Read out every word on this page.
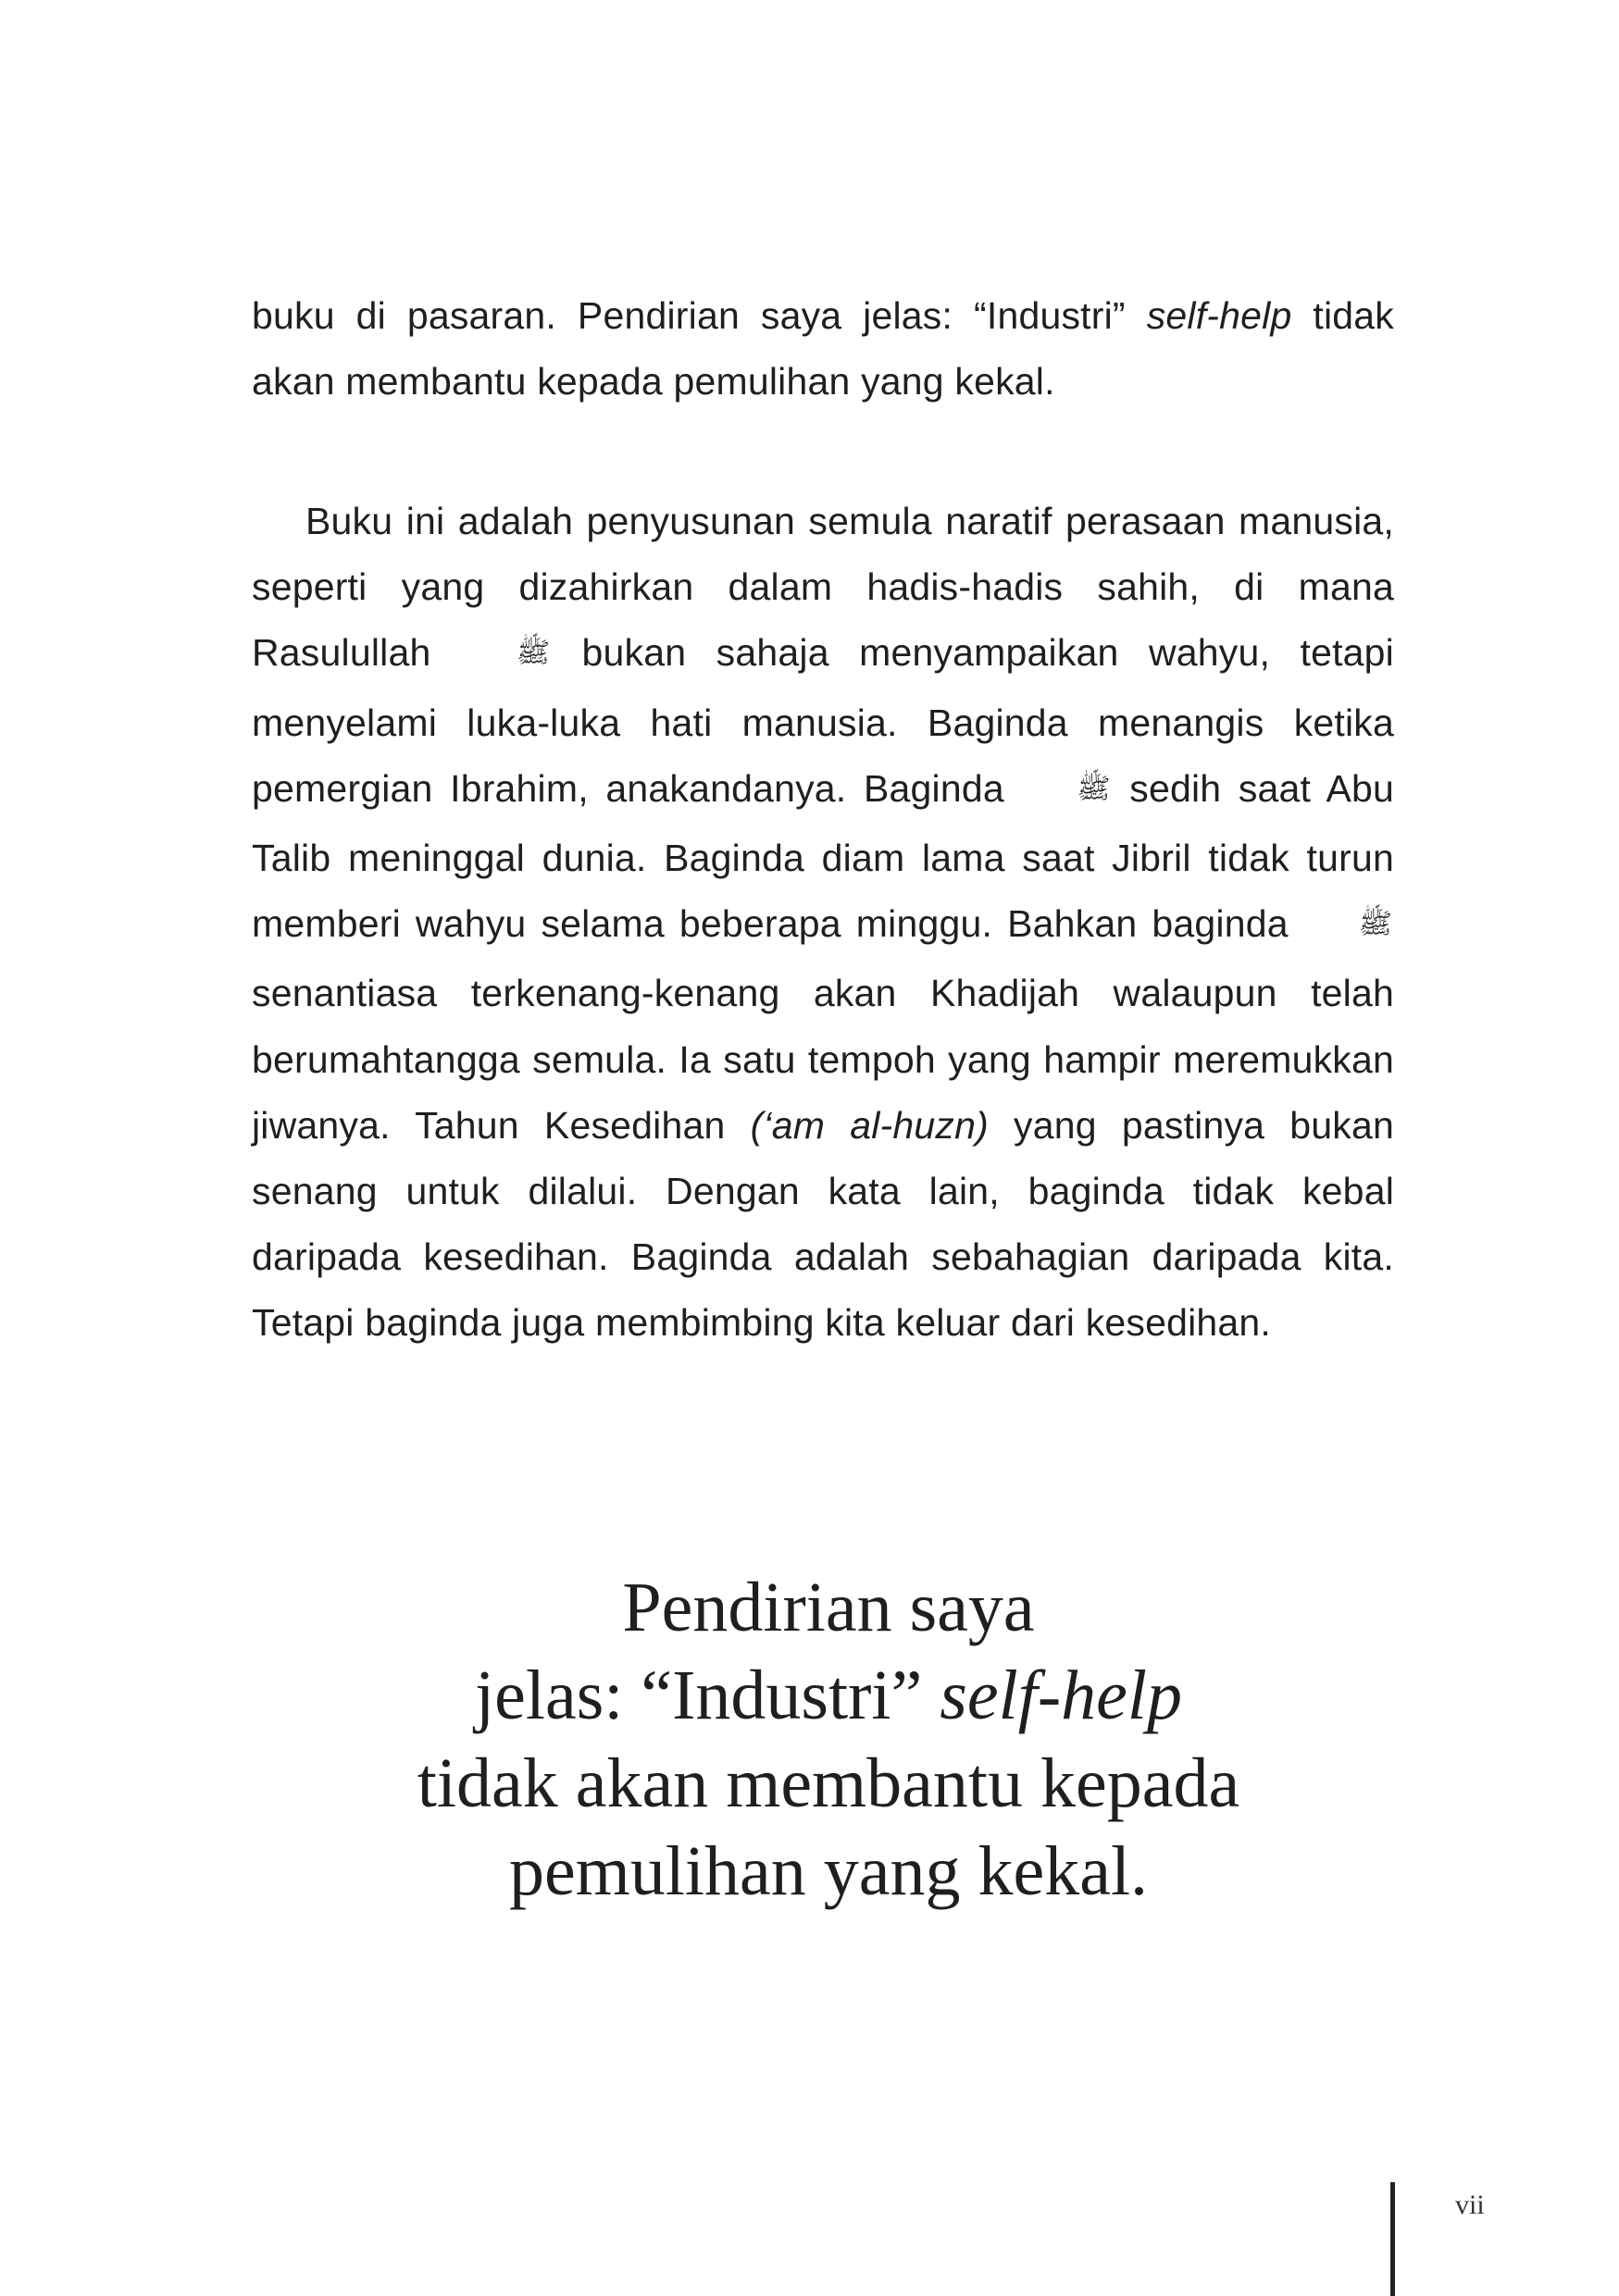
buku di pasaran. Pendirian saya jelas: “Industri” self-help tidak akan membantu kepada pemulihan yang kekal.

Buku ini adalah penyusunan semula naratif perasaan manusia, seperti yang dizahirkan dalam hadis-hadis sahih, di mana Rasulullah	ﷺ bukan sahaja menyampaikan wahyu, tetapi menyelami luka-luka hati manusia. Baginda menangis ketika pemergian Ibrahim, anakandanya. Baginda	ﷺ sedih saat Abu Talib meninggal dunia. Baginda diam lama saat Jibril tidak turun memberi wahyu selama beberapa minggu. Bahkan baginda	ﷺ senantiasa terkenang-kenang akan Khadijah walaupun telah berumahtangga semula. Ia satu tempoh yang hampir meremukkan jiwanya. Tahun Kesedihan (‘am al-huzn) yang pastinya bukan senang untuk dilalui. Dengan kata lain, baginda tidak kebal daripada kesedihan. Baginda adalah sebahagian daripada kita. Tetapi baginda juga membimbing kita keluar dari kesedihan.

Pendirian saya
jelas: “Industri” self-help
tidak akan membantu kepada
pemulihan yang kekal.
vii
